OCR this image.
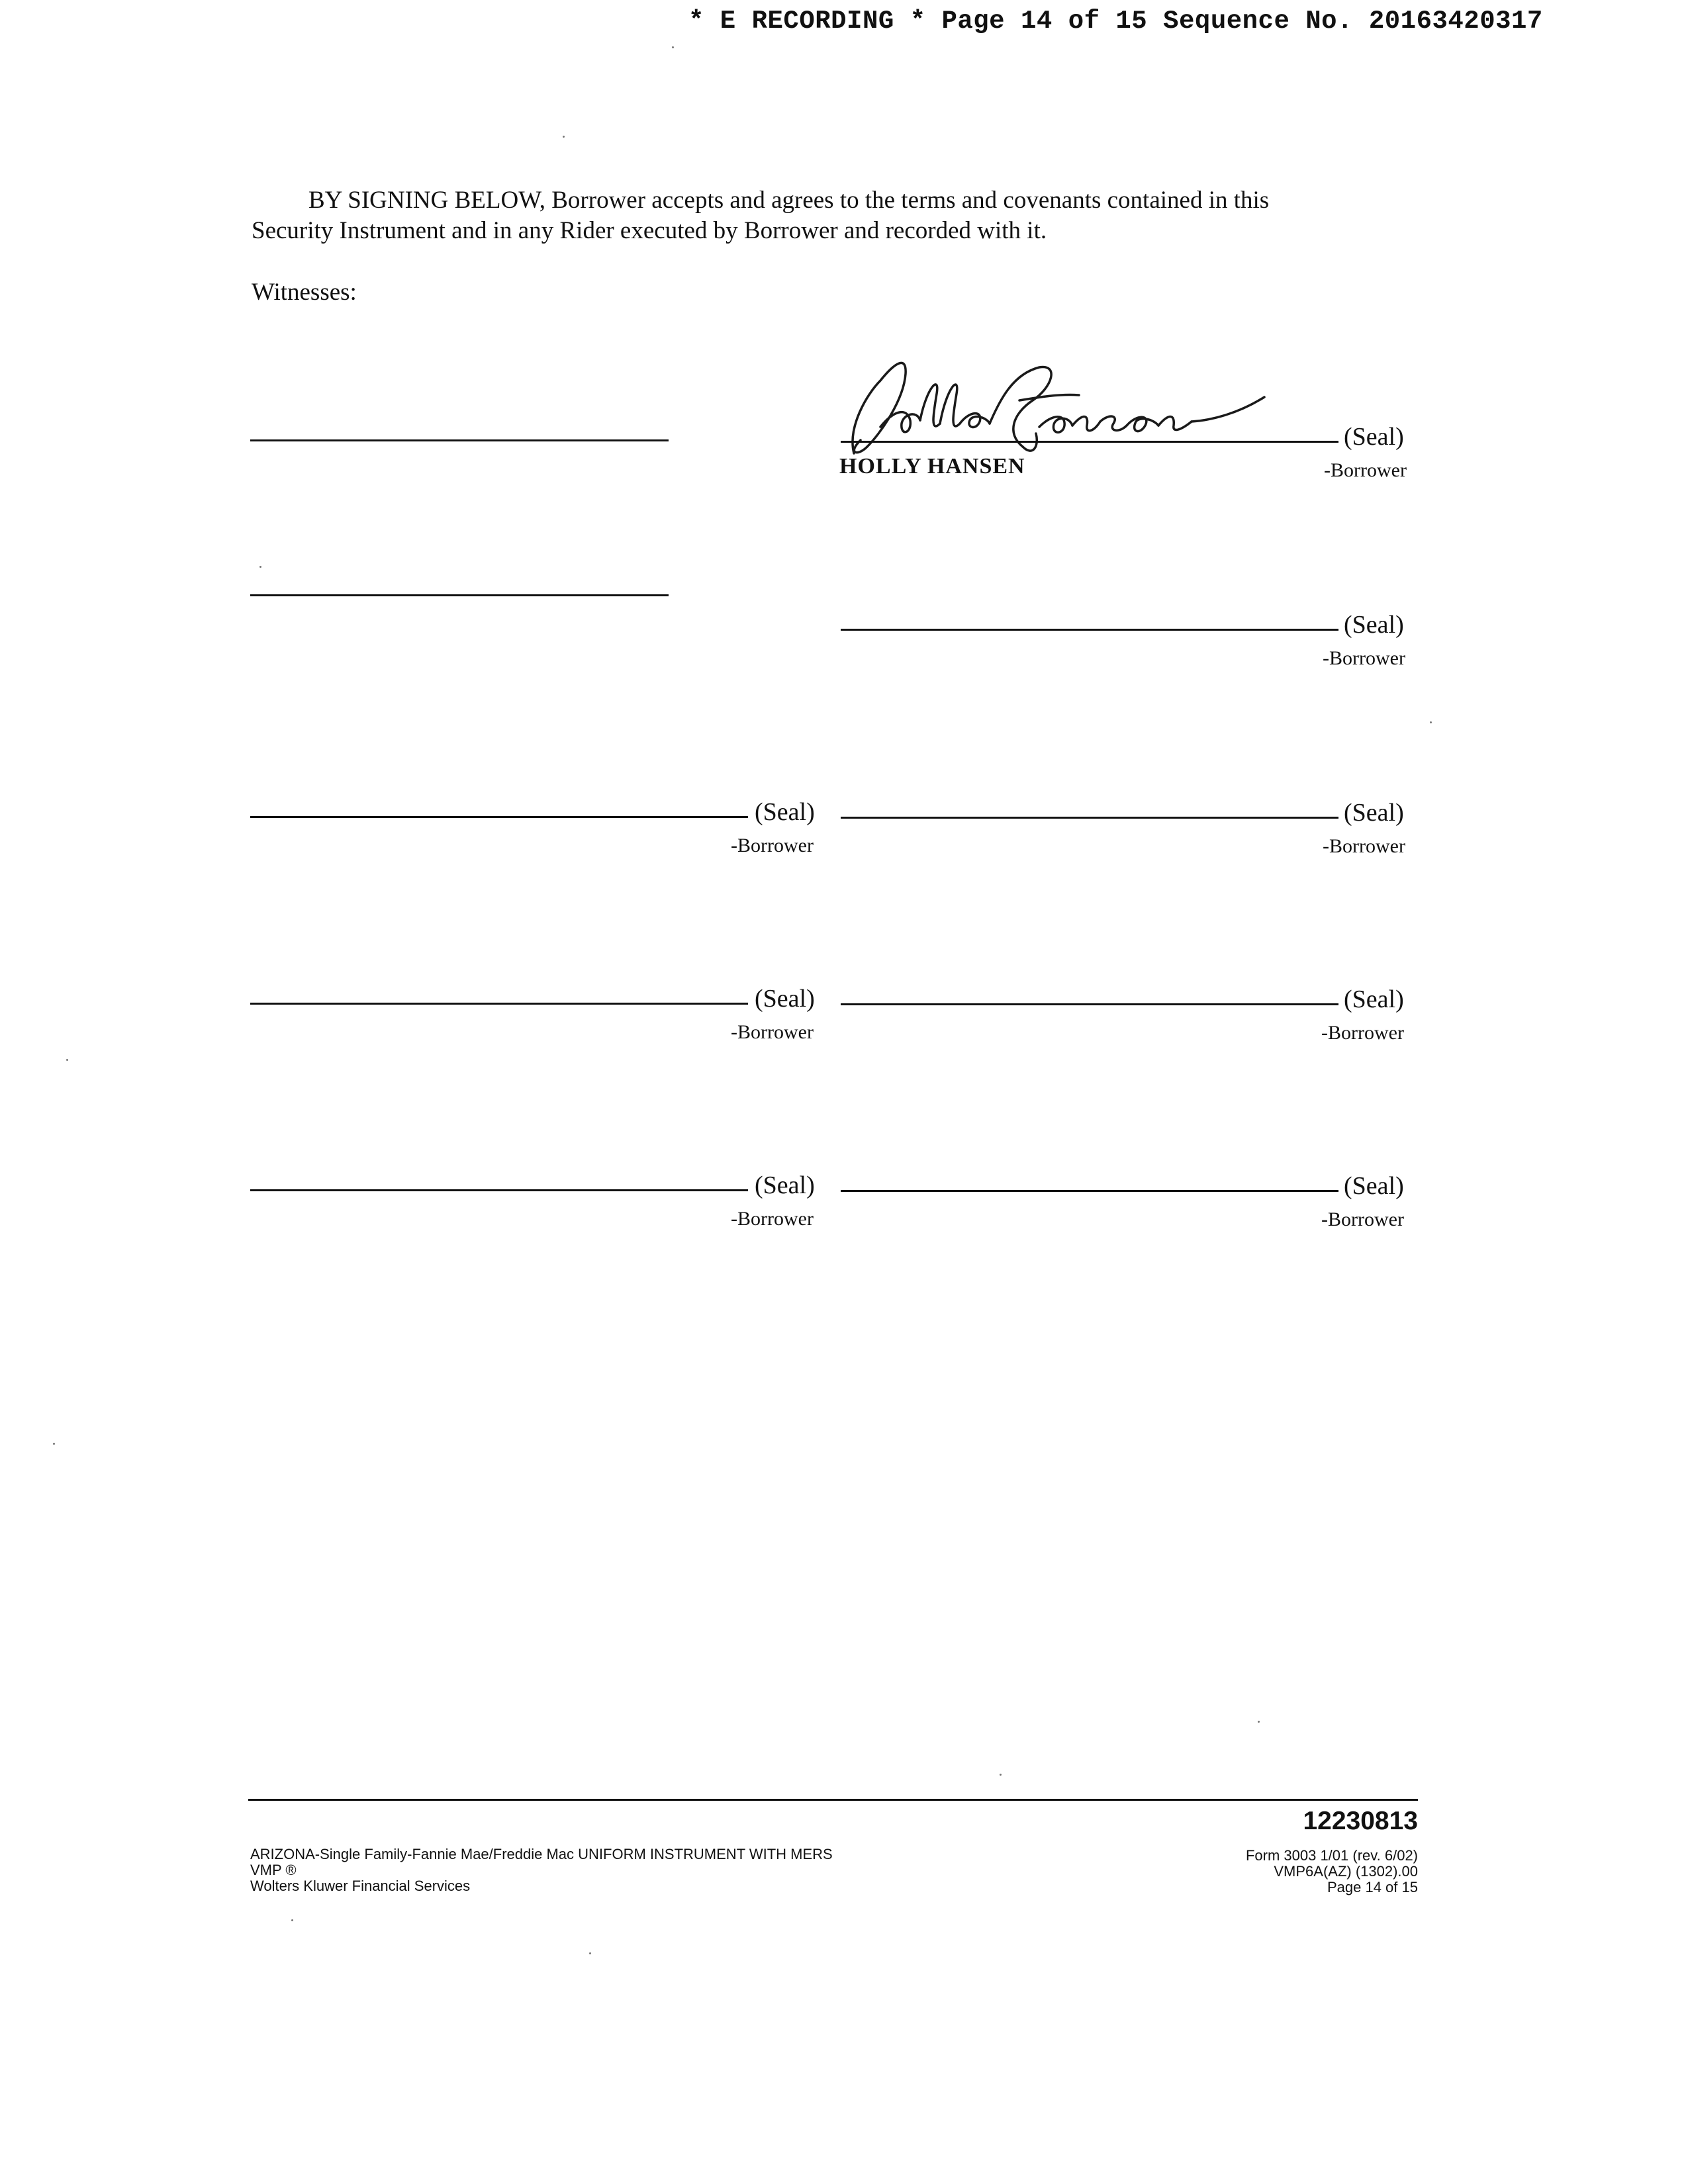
* E RECORDING * Page 14 of 15 Sequence No. 20163420317

BY SIGNING BELOW, Borrower accepts and agrees to the terms and covenants contained in this

Security Instrument and in any Rider executed by Borrower and recorded with it.

Witnesses:
(Seal)
HOLLY HANSEN	-Borrower
(Seal)
-Borrower
(Seal)
-Borrower
(Seal)
-Borrower
(Seal)
-Borrower
(Seal)
-Borrower
(Seal)
-Borrower
(Seal)
-Borrower
12230813
ARIZONA-Single Family-Fannie Mae/Freddie Mac UNIFORM INSTRUMENT WITH MERS
VMP ®
Wolters Kluwer Financial Services
Form 3003 1/01 (rev. 6/02)
VMP6A(AZ) (1302).00
Page 14 of 15
